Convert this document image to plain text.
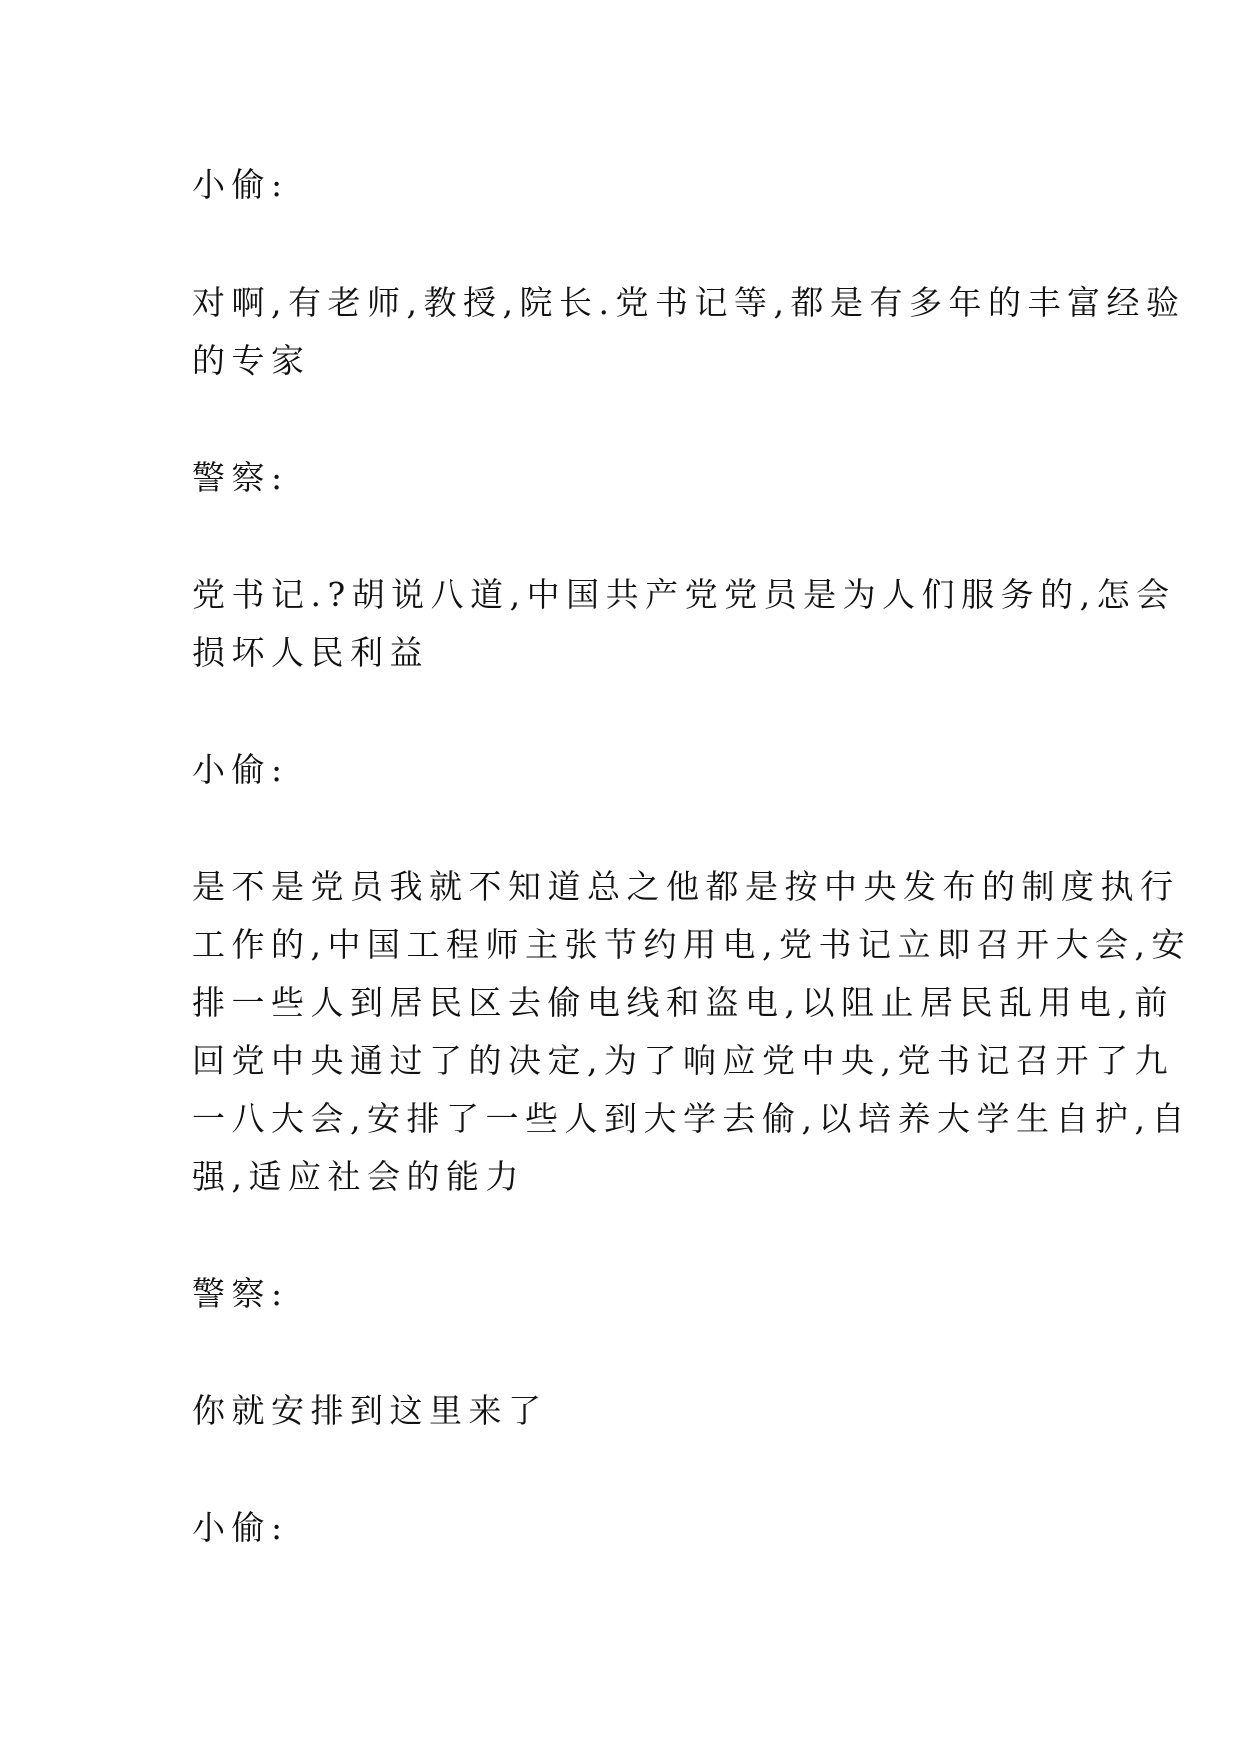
小偷:

对啊,有老师,教授,院长.党书记等,都是有多年的丰富经验

的专家

警察:

党书记.?胡说八道,中国共产党党员是为人们服务的,怎会

损坏人民利益

小偷:

是不是党员我就不知道总之他都是按中央发布的制度执行

工作的,中国工程师主张节约用电,党书记立即召开大会,安

排一些人到居民区去偷电线和盗电,以阻止居民乱用电,前

回党中央通过了的决定,为了响应党中央,党书记召开了九

一八大会,安排了一些人到大学去偷,以培养大学生自护,自

强,适应社会的能力

警察:

你就安排到这里来了

小偷:
